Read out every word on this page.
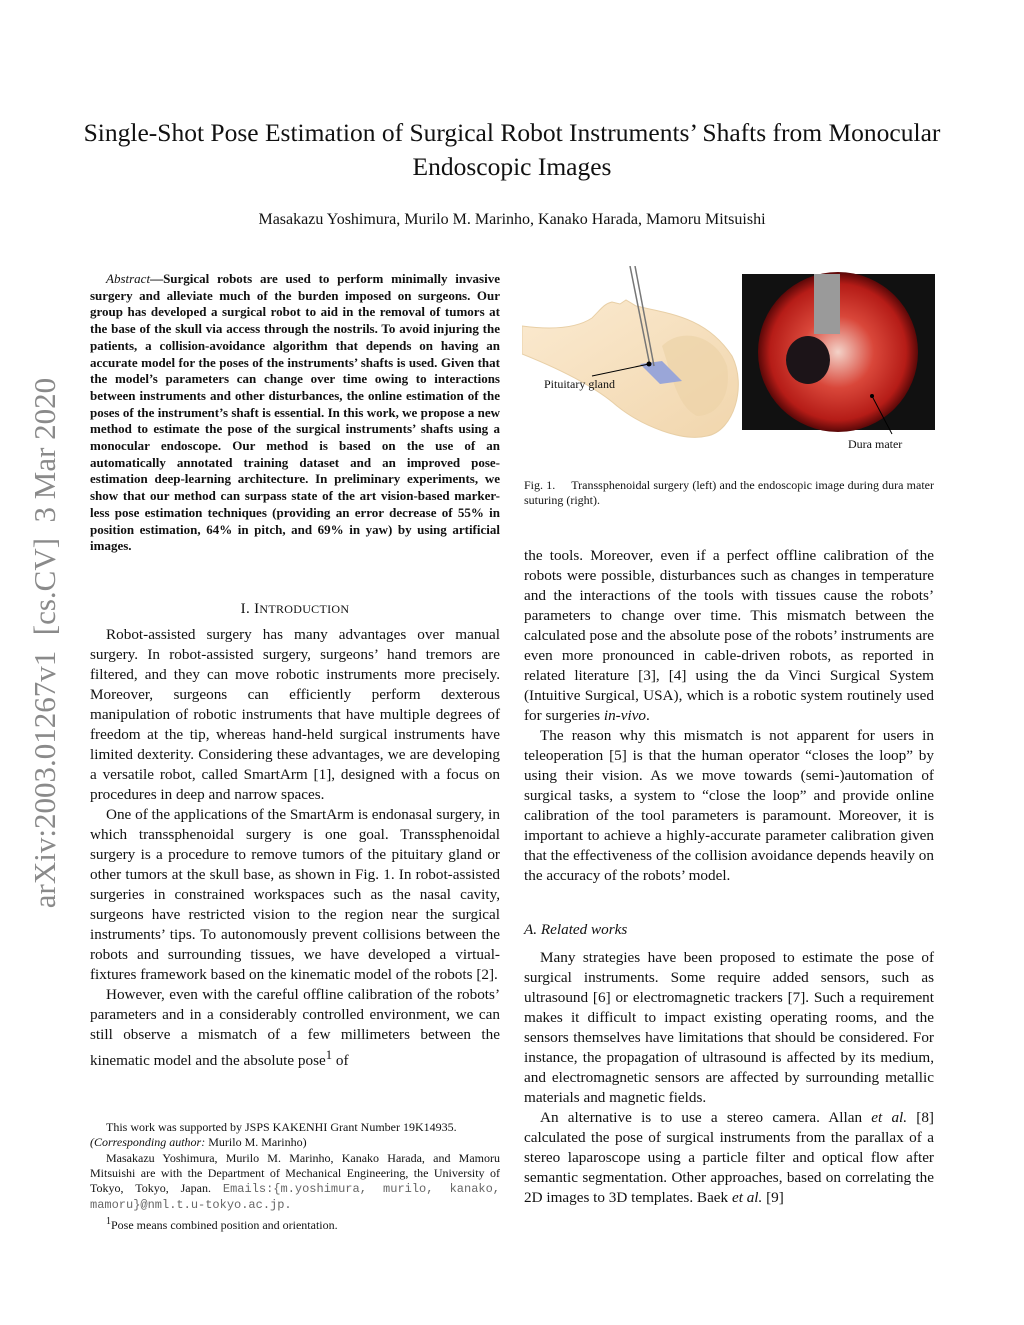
arXiv:2003.01267v1  [cs.CV]  3 Mar 2020
Single-Shot Pose Estimation of Surgical Robot Instruments’ Shafts from Monocular Endoscopic Images
Masakazu Yoshimura, Murilo M. Marinho, Kanako Harada, Mamoru Mitsuishi
Abstract—Surgical robots are used to perform minimally invasive surgery and alleviate much of the burden imposed on surgeons. Our group has developed a surgical robot to aid in the removal of tumors at the base of the skull via access through the nostrils. To avoid injuring the patients, a collision-avoidance algorithm that depends on having an accurate model for the poses of the instruments’ shafts is used. Given that the model’s parameters can change over time owing to interactions between instruments and other disturbances, the online estimation of the poses of the instrument’s shaft is essential. In this work, we propose a new method to estimate the pose of the surgical instruments’ shafts using a monocular endoscope. Our method is based on the use of an automatically annotated training dataset and an improved pose-estimation deep-learning architecture. In preliminary experiments, we show that our method can surpass state of the art vision-based marker-less pose estimation techniques (providing an error decrease of 55% in position estimation, 64% in pitch, and 69% in yaw) by using artificial images.
I. INTRODUCTION

Robot-assisted surgery has many advantages over manual surgery. In robot-assisted surgery, surgeons’ hand tremors are filtered, and they can move robotic instruments more precisely. Moreover, surgeons can efficiently perform dexterous manipulation of robotic instruments that have multiple degrees of freedom at the tip, whereas hand-held surgical instruments have limited dexterity. Considering these advantages, we are developing a versatile robot, called SmartArm [1], designed with a focus on procedures in deep and narrow spaces.

One of the applications of the SmartArm is endonasal surgery, in which transsphenoidal surgery is one goal. Transsphenoidal surgery is a procedure to remove tumors of the pituitary gland or other tumors at the skull base, as shown in Fig. 1. In robot-assisted surgeries in constrained workspaces such as the nasal cavity, surgeons have restricted vision to the region near the surgical instruments’ tips. To autonomously prevent collisions between the robots and surrounding tissues, we have developed a virtual-fixtures framework based on the kinematic model of the robots [2].

However, even with the careful offline calibration of the robots’ parameters and in a considerably controlled environment, we can still observe a mismatch of a few millimeters between the kinematic model and the absolute pose$^1$ of

This work was supported by JSPS KAKENHI Grant Number 19K14935.

(Corresponding author: Murilo M. Marinho)

Masakazu Yoshimura, Murilo M. Marinho, Kanako Harada, and Mamoru Mitsuishi are with the Department of Mechanical Engineering, the University of Tokyo, Tokyo, Japan. Emails:{m.yoshimura, murilo, kanako, mamoru}@nml.t.u-tokyo.ac.jp.

$^1$Pose means combined position and orientation.

Pituitary gland
Dura mater
Fig. 1. Transsphenoidal surgery (left) and the endoscopic image during dura mater suturing (right).

the tools. Moreover, even if a perfect offline calibration of the robots were possible, disturbances such as changes in temperature and the interactions of the tools with tissues cause the robots’ parameters to change over time. This mismatch between the calculated pose and the absolute pose of the robots’ instruments are even more pronounced in cable-driven robots, as reported in related literature [3], [4] using the da Vinci Surgical System (Intuitive Surgical, USA), which is a robotic system routinely used for surgeries in-vivo.

The reason why this mismatch is not apparent for users in teleoperation [5] is that the human operator “closes the loop” by using their vision. As we move towards (semi-)automation of surgical tasks, a system to “close the loop” and provide online calibration of the tool parameters is paramount. Moreover, it is important to achieve a highly-accurate parameter calibration given that the effectiveness of the collision avoidance depends heavily on the accuracy of the robots’ model.

A. Related works

Many strategies have been proposed to estimate the pose of surgical instruments. Some require added sensors, such as ultrasound [6] or electromagnetic trackers [7]. Such a requirement makes it difficult to impact existing operating rooms, and the sensors themselves have limitations that should be considered. For instance, the propagation of ultrasound is affected by its medium, and electromagnetic sensors are affected by surrounding metallic materials and magnetic fields.

An alternative is to use a stereo camera. Allan et al. [8] calculated the pose of surgical instruments from the parallax of a stereo laparoscope using a particle filter and optical flow after semantic segmentation. Other approaches, based on correlating the 2D images to 3D templates. Baek et al. [9]
